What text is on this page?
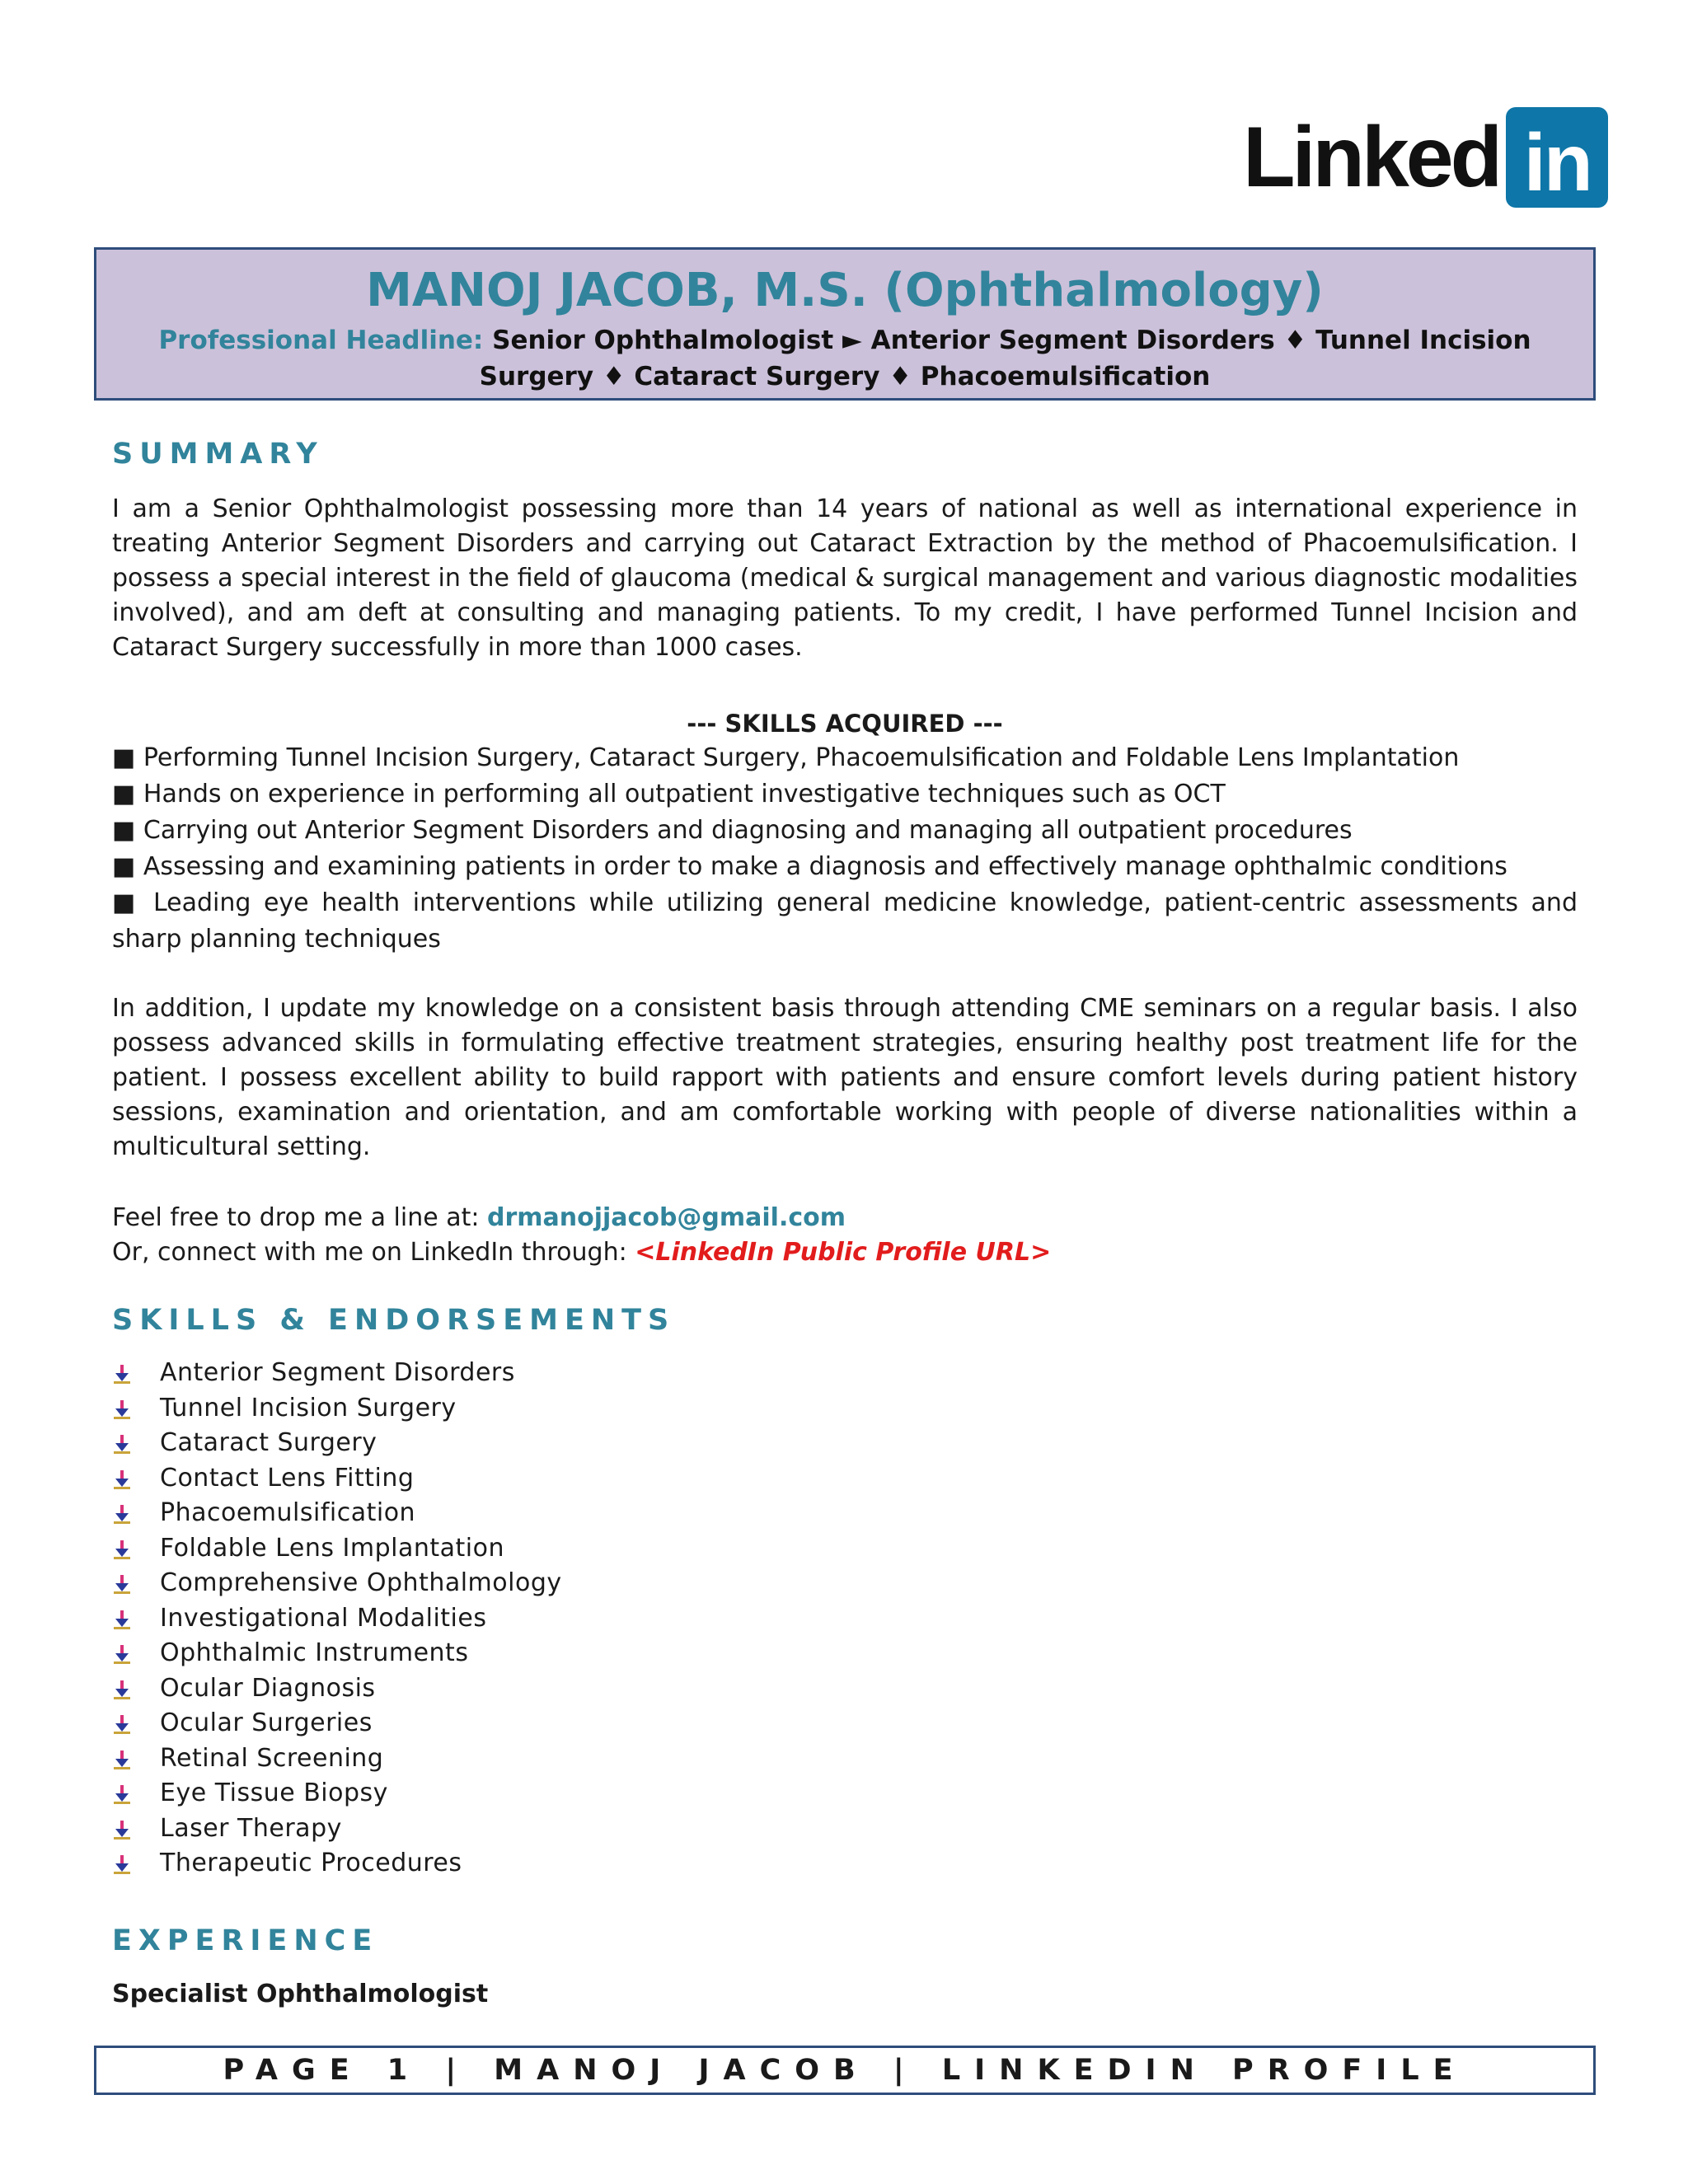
Linked in
MANOJ JACOB, M.S. (Ophthalmology)
Professional Headline: Senior Ophthalmologist ► Anterior Segment Disorders ♦ Tunnel Incision Surgery ♦ Cataract Surgery ♦ Phacoemulsification
SUMMARY
I am a Senior Ophthalmologist possessing more than 14 years of national as well as international experience in treating Anterior Segment Disorders and carrying out Cataract Extraction by the method of Phacoemulsification. I possess a special interest in the field of glaucoma (medical & surgical management and various diagnostic modalities involved), and am deft at consulting and managing patients. To my credit, I have performed Tunnel Incision and Cataract Surgery successfully in more than 1000 cases.
--- SKILLS ACQUIRED ---
■ Performing Tunnel Incision Surgery, Cataract Surgery, Phacoemulsification and Foldable Lens Implantation
■ Hands on experience in performing all outpatient investigative techniques such as OCT
■ Carrying out Anterior Segment Disorders and diagnosing and managing all outpatient procedures
■ Assessing and examining patients in order to make a diagnosis and effectively manage ophthalmic conditions
■ Leading eye health interventions while utilizing general medicine knowledge, patient-centric assessments and sharp planning techniques
In addition, I update my knowledge on a consistent basis through attending CME seminars on a regular basis. I also possess advanced skills in formulating effective treatment strategies, ensuring healthy post treatment life for the patient. I possess excellent ability to build rapport with patients and ensure comfort levels during patient history sessions, examination and orientation, and am comfortable working with people of diverse nationalities within a multicultural setting.
Feel free to drop me a line at: drmanojjacob@gmail.com
Or, connect with me on LinkedIn through: <LinkedIn Public Profile URL>
SKILLS & ENDORSEMENTS
Anterior Segment Disorders
Tunnel Incision Surgery
Cataract Surgery
Contact Lens Fitting
Phacoemulsification
Foldable Lens Implantation
Comprehensive Ophthalmology
Investigational Modalities
Ophthalmic Instruments
Ocular Diagnosis
Ocular Surgeries
Retinal Screening
Eye Tissue Biopsy
Laser Therapy
Therapeutic Procedures
EXPERIENCE
Specialist Ophthalmologist
PAGE 1 | MANOJ JACOB | LINKEDIN PROFILE
